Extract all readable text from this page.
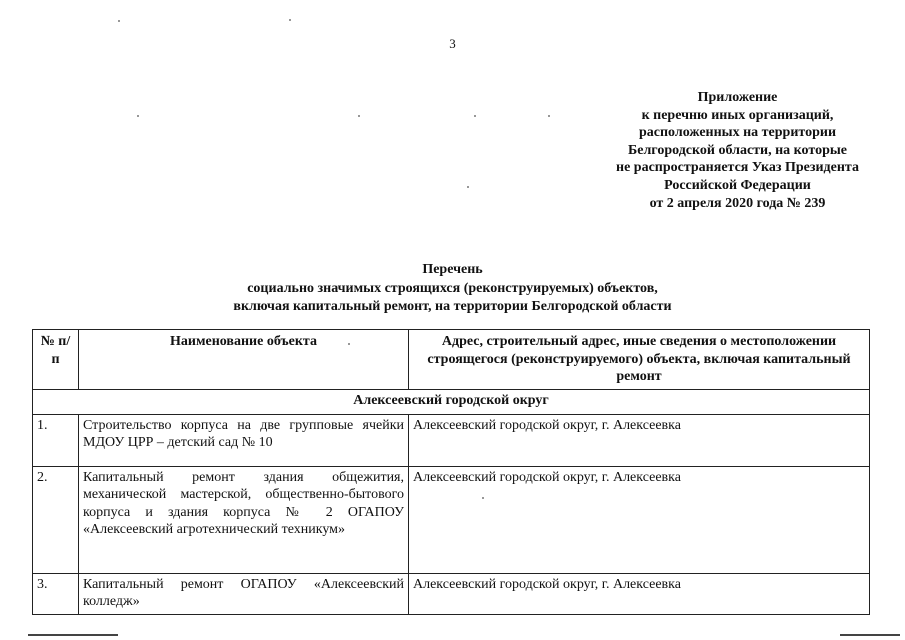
3
Приложение
к перечню иных организаций,
расположенных на территории
Белгородской области, на которые
не распространяется Указ Президента
Российской Федерации
от 2 апреля 2020 года № 239
Перечень
социально значимых строящихся (реконструируемых) объектов,
включая капитальный ремонт, на территории Белгородской области
№ п/п	Наименование объекта	Адрес, строительный адрес, иные сведения о местоположении строящегося (реконструируемого) объекта, включая капитальный ремонт
Алексеевский городской округ		
1.	Строительство корпуса на две групповые ячейки МДОУ ЦРР – детский сад № 10	Алексеевский городской округ, г. Алексеевка
2.	Капитальный ремонт здания общежития, механической мастерской, общественно-бытового корпуса и здания корпуса № 2 ОГАПОУ «Алексеевский агротехнический техникум»	Алексеевский городской округ, г. Алексеевка
3.	Капитальный ремонт ОГАПОУ «Алексеевский колледж»	Алексеевский городской округ, г. Алексеевка
